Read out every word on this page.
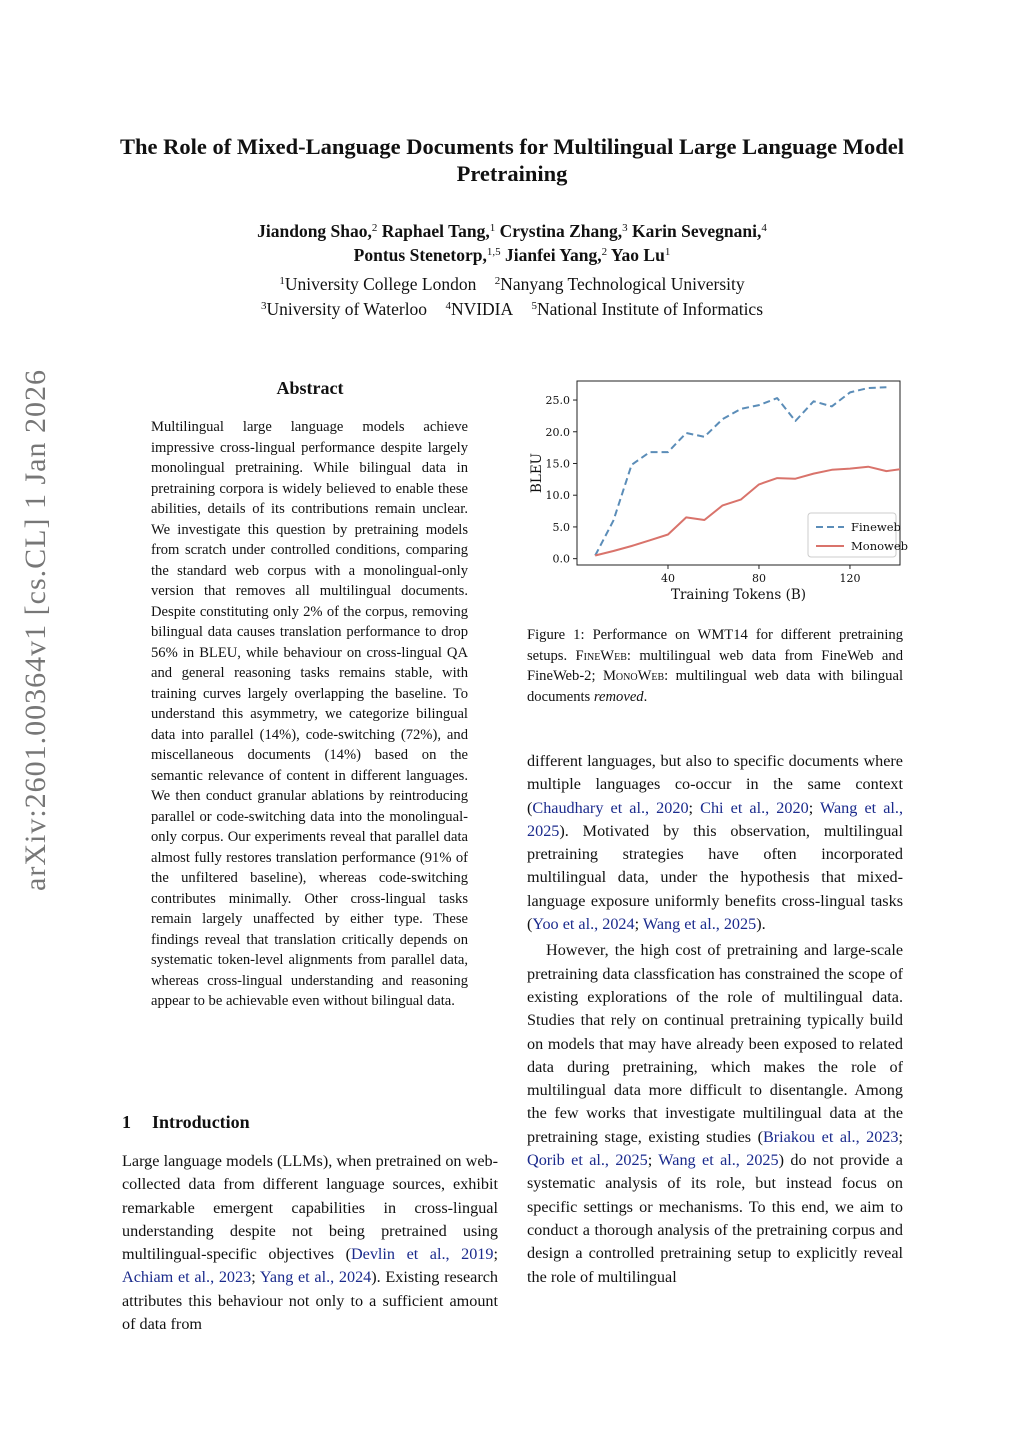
arXiv:2601.00364v1 [cs.CL] 1 Jan 2026
The Role of Mixed-Language Documents for Multilingual Large Language Model Pretraining
Jiandong Shao,$^2$ Raphael Tang,$^1$ Crystina Zhang,$^3$ Karin Sevegnani,$^4$
Pontus Stenetorp,$^{1,5}$ Jianfei Yang,$^2$ Yao Lu$^1$
$^1$University College London $^2$Nanyang Technological University
$^3$University of Waterloo $^4$NVIDIA $^5$National Institute of Informatics
Abstract
Multilingual large language models achieve impressive cross-lingual performance despite largely monolingual pretraining. While bilingual data in pretraining corpora is widely believed to enable these abilities, details of its contributions remain unclear. We investigate this question by pretraining models from scratch under controlled conditions, comparing the standard web corpus with a monolingual-only version that removes all multilingual documents. Despite constituting only 2% of the corpus, removing bilingual data causes translation performance to drop 56% in BLEU, while behaviour on cross-lingual QA and general reasoning tasks remains stable, with training curves largely overlapping the baseline. To understand this asymmetry, we categorize bilingual data into parallel (14%), code-switching (72%), and miscellaneous documents (14%) based on the semantic relevance of content in different languages. We then conduct granular ablations by reintroducing parallel or code-switching data into the monolingual-only corpus. Our experiments reveal that parallel data almost fully restores translation performance (91% of the unfiltered baseline), whereas code-switching contributes minimally. Other cross-lingual tasks remain largely unaffected by either type. These findings reveal that translation critically depends on systematic token-level alignments from parallel data, whereas cross-lingual understanding and reasoning appear to be achievable even without bilingual data.
1 Introduction

Large language models (LLMs), when pretrained on web-collected data from different language sources, exhibit remarkable emergent capabilities in cross-lingual understanding despite not being pretrained using multilingual-specific objectives (Devlin et al., 2019; Achiam et al., 2023; Yang et al., 2024). Existing research attributes this behaviour not only to a sufficient amount of data from

different languages, but also to specific documents where multiple languages co-occur in the same context (Chaudhary et al., 2020; Chi et al., 2020; Wang et al., 2025). Motivated by this observation, multilingual pretraining strategies have often incorporated multilingual data, under the hypothesis that mixed-language exposure uniformly benefits cross-lingual tasks (Yoo et al., 2024; Wang et al., 2025).

However, the high cost of pretraining and large-scale pretraining data classfication has constrained the scope of existing explorations of the role of multilingual data. Studies that rely on continual pretraining typically build on models that may have already been exposed to related data during pretraining, which makes the role of multilingual data more difficult to disentangle. Among the few works that investigate multilingual data at the pretraining stage, existing studies (Briakou et al., 2023; Qorib et al., 2025; Wang et al., 2025) do not provide a systematic analysis of its role, but instead focus on specific settings or mechanisms. To this end, we aim to conduct a thorough analysis of the pretraining corpus and design a controlled pretraining setup to explicitly reveal the role of multilingual

0.0
5.0
10.0
15.0
20.0
25.0
40	80	120
Training Tokens (B)
BLEU
Fineweb
Monoweb
Figure 1: Performance on WMT14 for different pretraining setups. FineWeb: multilingual web data from FineWeb and FineWeb-2; MonoWeb: multilingual web data with bilingual documents removed.
